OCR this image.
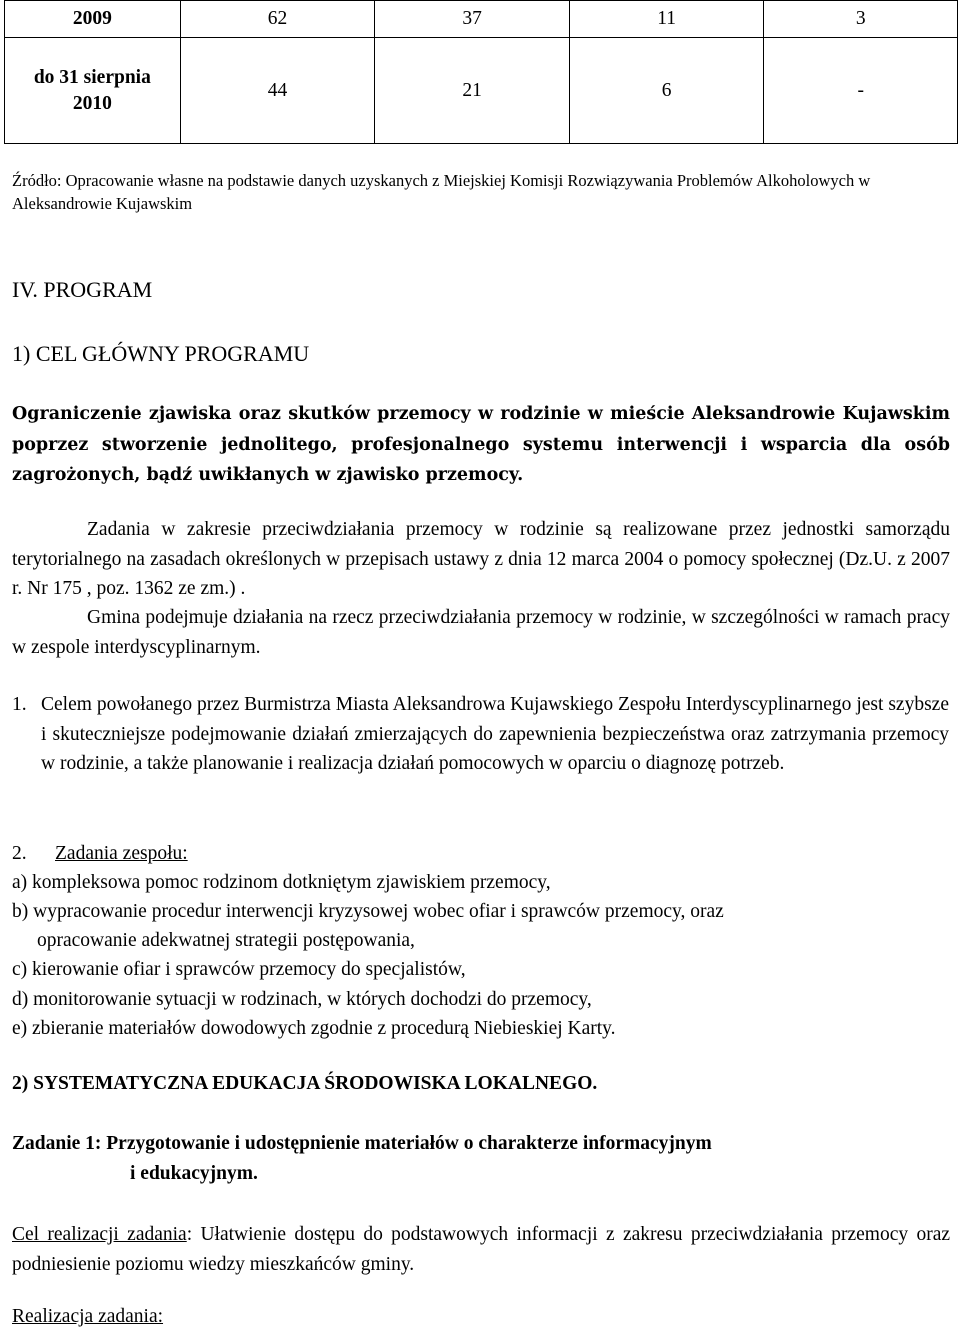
2009	62	37	11	3

do 31 sierpnia 2010	44	21	6	-
Źródło: Opracowanie własne na podstawie danych uzyskanych z Miejskiej Komisji Rozwiązywania Problemów Alkoholowych w Aleksandrowie Kujawskim
IV. PROGRAM
1) CEL GŁÓWNY PROGRAMU
Ograniczenie zjawiska oraz skutków przemocy w rodzinie w mieście Aleksandrowie Kujawskim poprzez stworzenie jednolitego, profesjonalnego systemu interwencji i wsparcia dla osób zagrożonych, bądź uwikłanych w zjawisko przemocy.
Zadania w zakresie przeciwdziałania przemocy w rodzinie są realizowane przez jednostki samorządu terytorialnego na zasadach określonych w przepisach ustawy z dnia 12 marca 2004 o pomocy społecznej (Dz.U. z 2007 r. Nr 175 , poz. 1362 ze zm.) .
Gmina podejmuje działania na rzecz przeciwdziałania przemocy w rodzinie, w szczególności w ramach pracy w zespole interdyscyplinarnym.
1. Celem powołanego przez Burmistrza Miasta Aleksandrowa Kujawskiego Zespołu Interdyscyplinarnego jest szybsze i skuteczniejsze podejmowanie działań zmierzających do zapewnienia bezpieczeństwa oraz zatrzymania przemocy w rodzinie, a także planowanie i realizacja działań pomocowych w oparciu o diagnozę potrzeb.
2. Zadania zespołu:
a) kompleksowa pomoc rodzinom dotkniętym zjawiskiem przemocy,
b) wypracowanie procedur interwencji kryzysowej wobec ofiar i sprawców przemocy, oraz
opracowanie adekwatnej strategii postępowania,
c) kierowanie ofiar i sprawców przemocy do specjalistów,
d) monitorowanie sytuacji w rodzinach, w których dochodzi do przemocy,
e) zbieranie materiałów dowodowych zgodnie z procedurą Niebieskiej Karty.
2) SYSTEMATYCZNA EDUKACJA ŚRODOWISKA LOKALNEGO.
Zadanie 1: Przygotowanie i udostępnienie materiałów o charakterze informacyjnym
i edukacyjnym.
Cel realizacji zadania: Ułatwienie dostępu do podstawowych informacji z zakresu przeciwdziałania przemocy oraz podniesienie poziomu wiedzy mieszkańców gminy.
Realizacja zadania:
